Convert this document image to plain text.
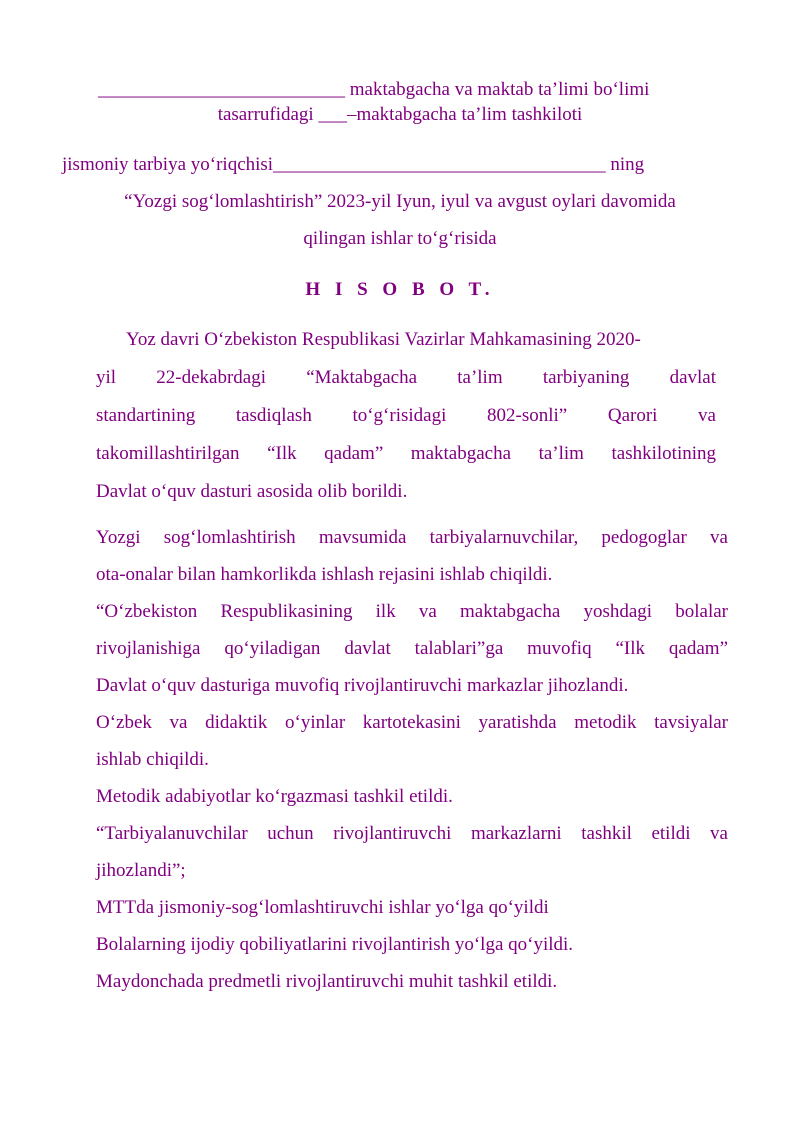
__________________________ maktabgacha va maktab ta’limi bo‘limi
tasarrufidagi ___–maktabgacha ta’lim tashkiloti
jismoniy tarbiya yo‘riqchisi___________________________________ ning
“Yozgi sog‘lomlashtirish” 2023-yil Iyun, iyul va avgust oylari davomida
qilingan ishlar to‘g‘risida
H I S O B O T.
Yoz davri O‘zbekiston Respublikasi Vazirlar Mahkamasining 2020-
yil 22-dekabrdagi “Maktabgacha ta’lim tarbiyaning davlat
standartining tasdiqlash to‘g‘risidagi 802-sonli” Qarori va
takomillashtirilgan “Ilk qadam” maktabgacha ta’lim tashkilotining
Davlat o‘quv dasturi asosida olib borildi.
Yozgi sog‘lomlashtirish mavsumida tarbiyalarnuvchilar, pedogoglar va
ota-onalar bilan hamkorlikda ishlash rejasini ishlab chiqildi.
“O‘zbekiston Respublikasining ilk va maktabgacha yoshdagi bolalar
rivojlanishiga qo‘yiladigan davlat talablari”ga muvofiq “Ilk qadam”
Davlat o‘quv dasturiga muvofiq rivojlantiruvchi markazlar jihozlandi.
O‘zbek va didaktik o‘yinlar kartotekasini yaratishda metodik tavsiyalar
ishlab chiqildi.
Metodik adabiyotlar ko‘rgazmasi tashkil etildi.
“Tarbiyalanuvchilar uchun rivojlantiruvchi markazlarni tashkil etildi va
jihozlandi”;
MTTda jismoniy-sog‘lomlashtiruvchi ishlar yo‘lga qo‘yildi
Bolalarning ijodiy qobiliyatlarini rivojlantirish yo‘lga qo‘yildi.
Maydonchada predmetli rivojlantiruvchi muhit tashkil etildi.
